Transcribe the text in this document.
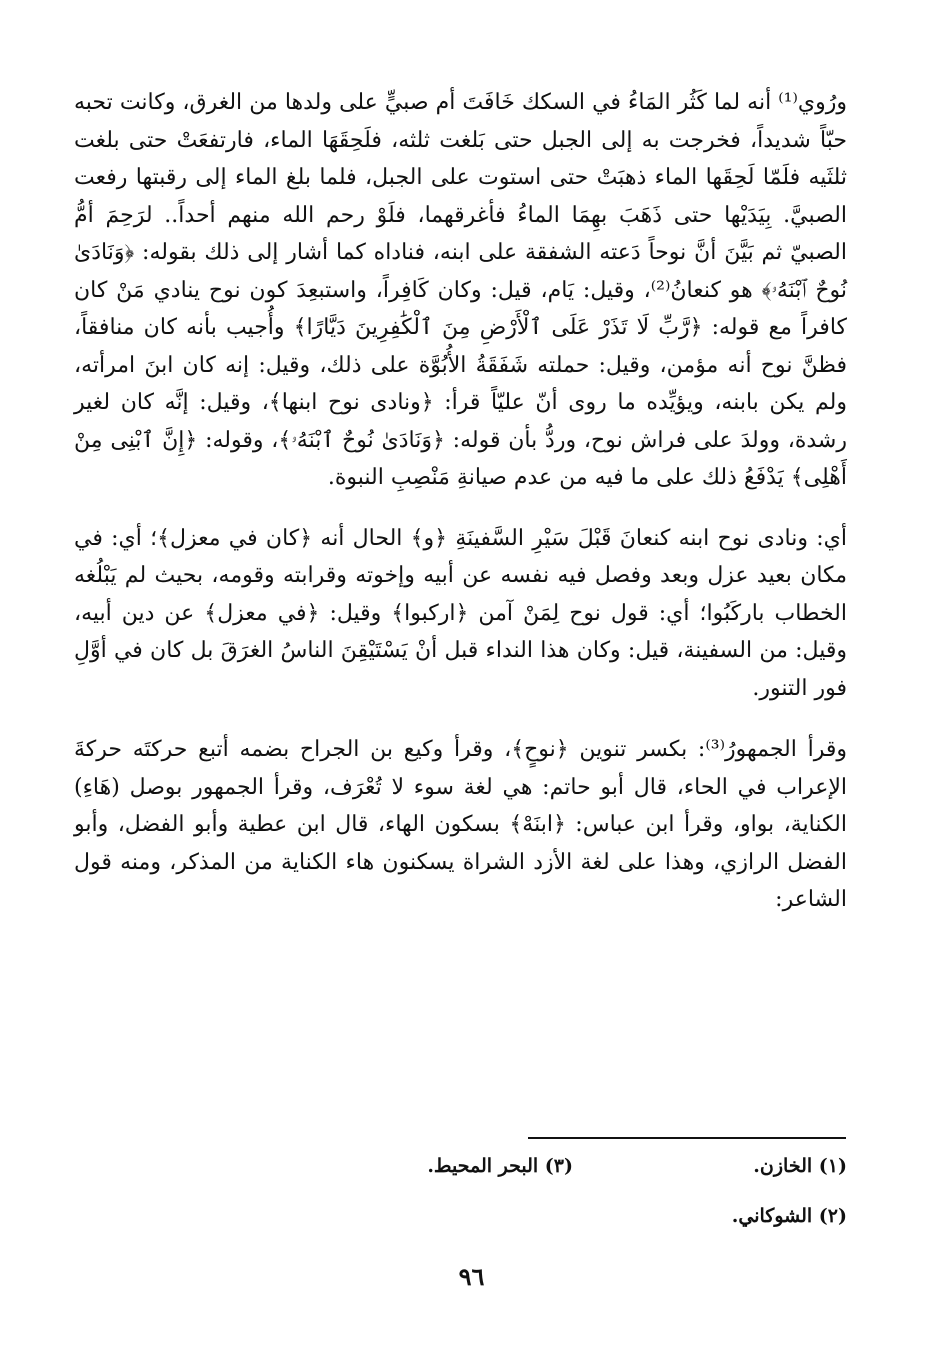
ورُوي⁽¹⁾ أنه لما كَثُر المَاءُ في السكك خَافَتَ أم صبيٍّ على ولدها من الغرق، وكانت تحبه حبّاً شديداً، فخرجت به إلى الجبل حتى بَلغت ثلثه، فلَحِقَهَا الماء، فارتفعَتْ حتى بلغت ثلثَيه فلَمّا لَحِقَها الماء ذهبَتْ حتى استوت على الجبل، فلما بلغ الماء إلى رقبتها رفعت الصبيَّ. بِيَدَيْها حتى ذَهَبَ بهِمَا الماءُ فأغرقهما، فلَوْ رحم الله منهم أحداً.. لرَحِمَ أمُّ الصبيّ ثم بَيَّنَ أنَّ نوحاً دَعته الشفقة على ابنه، فناداه كما أشار إلى ذلك بقوله: ﴿وَنَادَىٰ نُوحٌ ٱبْنَهُۥ﴾ هو كنعانُ⁽²⁾، وقيل: يَام، قيل: وكان كَافِراً، واستبعِدَ كون نوح ينادي مَنْ كان كافراً مع قوله: ﴿رَّبِّ لَا تَذَرْ عَلَى ٱلْأَرْضِ مِنَ ٱلْكَٰفِرِينَ دَيَّارًا﴾ وأُجيب بأنه كان منافقاً، فظنَّ نوح أنه مؤمن، وقيل: حملته شَفَقَةُ الأُبُوَّة على ذلك، وقيل: إنه كان ابنَ امرأته، ولم يكن بابنه، ويؤيِّده ما روى أنّ عليّاً قرأ: ﴿ونادى نوح ابنها﴾، وقيل: إنَّه كان لغير رشدة، وولدَ على فراش نوح، وردُّ بأن قوله: ﴿وَنَادَىٰ نُوحٌ ٱبْنَهُۥ﴾، وقوله: ﴿إِنَّ ٱبْنِى مِنْ أَهْلِى﴾ يَدْفَعُ ذلك على ما فيه من عدم صيانةِ مَنْصِبِ النبوة.

أي: ونادى نوح ابنه كنعانَ قَبْلَ سَيْرِ السَّفينَةِ ﴿و﴾ الحال أنه ﴿كان في معزل﴾؛ أي: في مكان بعيد عزل وبعد وفصل فيه نفسه عن أبيه وإخوته وقرابته وقومه، بحيث لم يَبْلُغه الخطاب باركَبُوا؛ أي: قول نوح لِمَنْ آمن ﴿اركبوا﴾ وقيل: ﴿في معزل﴾ عن دين أبيه، وقيل: من السفينة، قيل: وكان هذا النداء قبل أنْ يَسْتَيْقِنَ الناسُ الغرَقَ بل كان في أوَّلِ فور التنور.

وقرأ الجمهورُ⁽³⁾: بكسر تنوين ﴿نوحٍ﴾، وقرأ وكيع بن الجراح بضمه أتبع حركتَه حركةَ الإعراب في الحاء، قال أبو حاتم: هي لغة سوء لا تُعْرَف، وقرأ الجمهور بوصل (هَاءِ) الكناية، بواو، وقرأ ابن عباس: ﴿ابنَهْ﴾ بسكون الهاء، قال ابن عطية وأبو الفضل، وأبو الفضل الرازي، وهذا على لغة الأزد الشراة يسكنون هاء الكناية من المذكر، ومنه قول الشاعر:

(١) الخازن.
(٣) البحر المحيط.
(٢) الشوكاني.
٩٦
